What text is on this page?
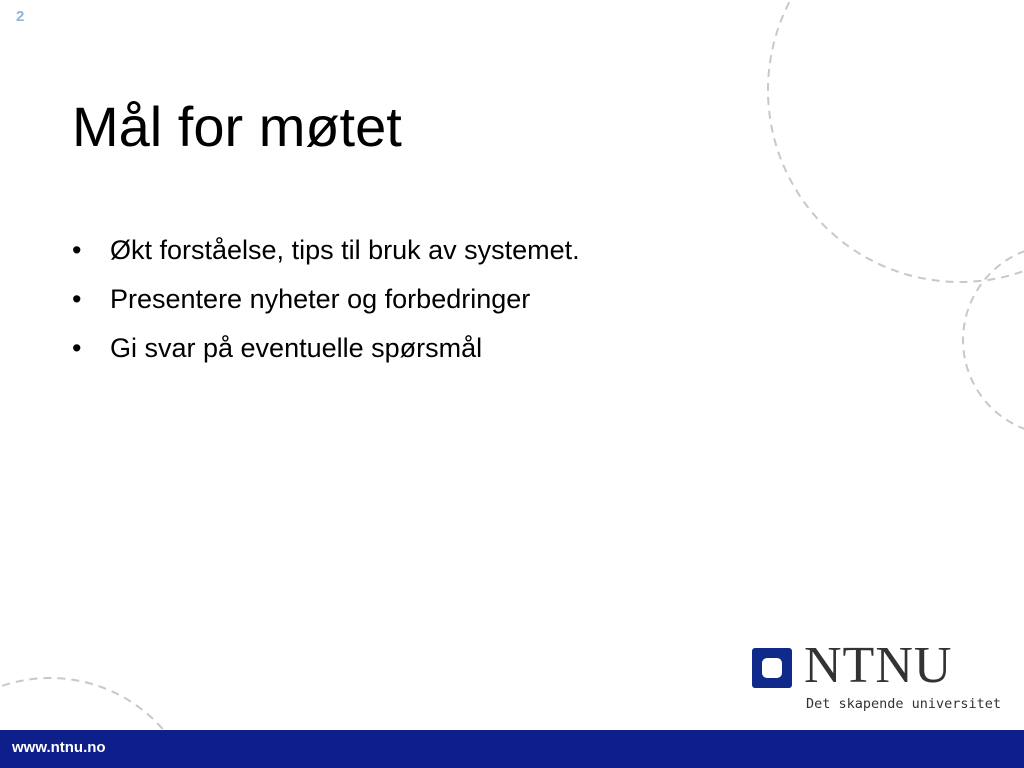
2
Mål for møtet
•	Økt forståelse, tips til bruk av systemet.
•	Presentere nyheter og forbedringer
•	Gi svar på eventuelle spørsmål
NTNU
Det skapende universitet
www.ntnu.no
